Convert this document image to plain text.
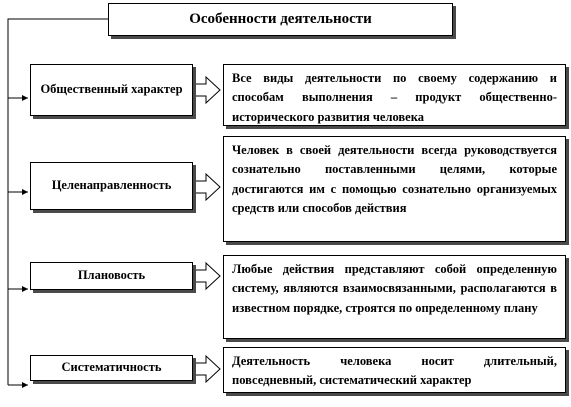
Особенности деятельности
Общественный характер
Все виды деятельности по своему содержанию и способам выполнения – продукт общественно-исторического развития человека
Целенаправленность
Человек в своей деятельности всегда руководствуется сознательно поставленными целями, которые достигаются им с помощью сознательно организуемых средств или способов действия
Плановость	Любые действия представляют собой определенную систему, являются взаимосвязанными, располагаются в известном порядке, строятся по определенному плану
Систематичность	Деятельность человека носит длительный, повседневный, систематический характер
